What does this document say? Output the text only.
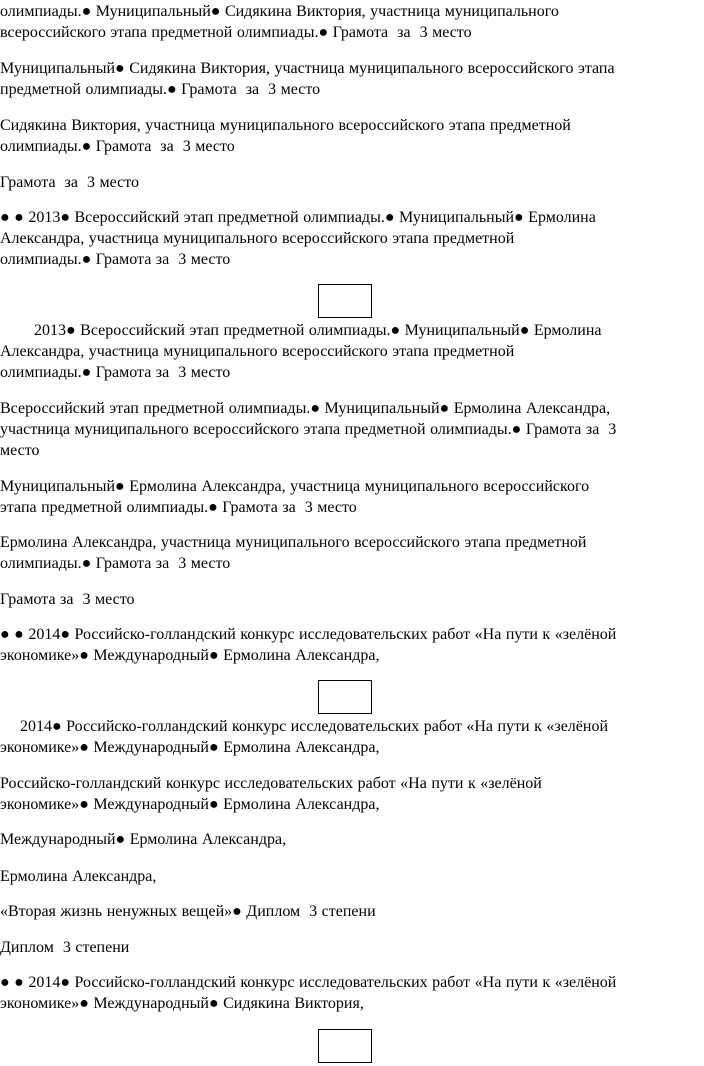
олимпиады.● Муниципальный● Сидякина Виктория, участница муниципального
всероссийского этапа предметной олимпиады.● Грамота  за  3 место

Муниципальный● Сидякина Виктория, участница муниципального всероссийского этапа
предметной олимпиады.● Грамота  за  3 место

Сидякина Виктория, участница муниципального всероссийского этапа предметной
олимпиады.● Грамота  за  3 место

Грамота  за  3 место

● ● 2013● Всероссийский этап предметной олимпиады.● Муниципальный● Ермолина
Александра, участница муниципального всероссийского этапа предметной
олимпиады.● Грамота за  3 место

2013● Всероссийский этап предметной олимпиады.● Муниципальный● Ермолина
Александра, участница муниципального всероссийского этапа предметной
олимпиады.● Грамота за  3 место

Всероссийский этап предметной олимпиады.● Муниципальный● Ермолина Александра,
участница муниципального всероссийского этапа предметной олимпиады.● Грамота за  3
место

Муниципальный● Ермолина Александра, участница муниципального всероссийского
этапа предметной олимпиады.● Грамота за  3 место

Ермолина Александра, участница муниципального всероссийского этапа предметной
олимпиады.● Грамота за  3 место

Грамота за  3 место

● ● 2014● Российско-голландский конкурс исследовательских работ «На пути к «зелёной
экономике»● Международный● Ермолина Александра,

2014● Российско-голландский конкурс исследовательских работ «На пути к «зелёной
экономике»● Международный● Ермолина Александра,

Российско-голландский конкурс исследовательских работ «На пути к «зелёной
экономике»● Международный● Ермолина Александра,

Международный● Ермолина Александра,

Ермолина Александра,

«Вторая жизнь ненужных вещей»● Диплом  3 степени

Диплом  3 степени

● ● 2014● Российско-голландский конкурс исследовательских работ «На пути к «зелёной
экономике»● Международный● Сидякина Виктория,
